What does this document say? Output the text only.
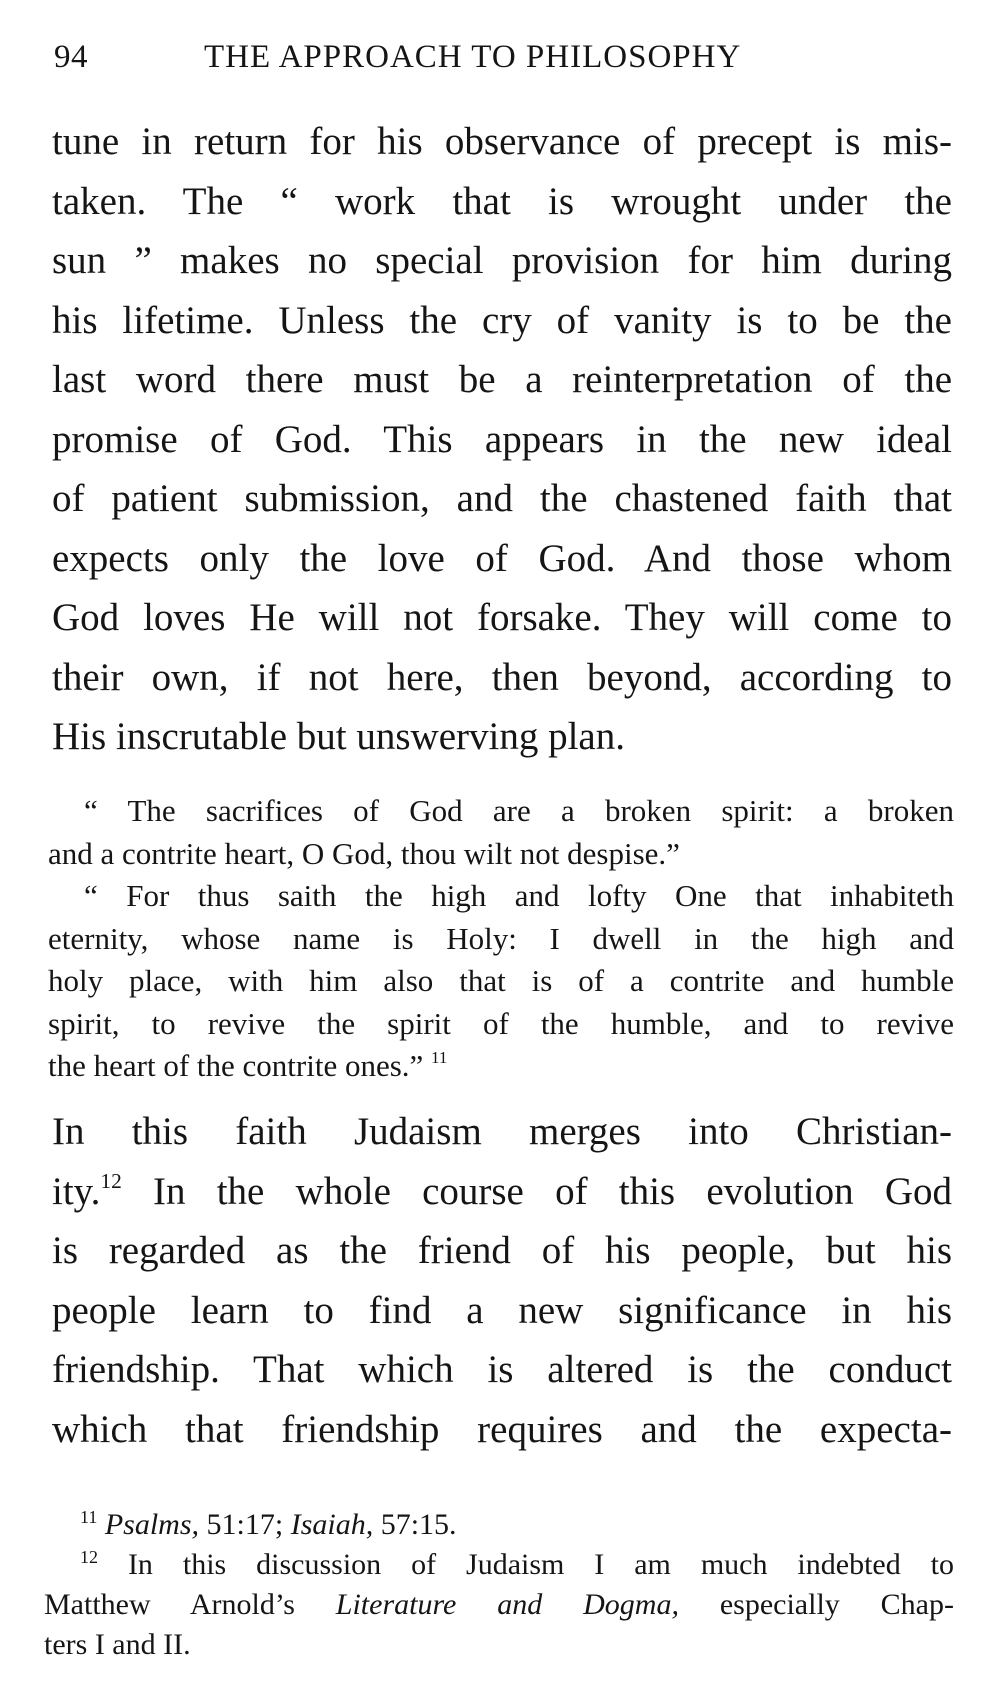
94	THE APPROACH TO PHILOSOPHY
tune in return for his observance of precept is mis-
taken. The “ work that is wrought under the
sun ” makes no special provision for him during
his lifetime. Unless the cry of vanity is to be the
last word there must be a reinterpretation of the
promise of God. This appears in the new ideal
of patient submission, and the chastened faith that
expects only the love of God. And those whom
God loves He will not forsake. They will come to
their own, if not here, then beyond, according to
His inscrutable but unswerving plan.
“ The sacrifices of God are a broken spirit: a broken
and a contrite heart, O God, thou wilt not despise.”
“ For thus saith the high and lofty One that inhabiteth
eternity, whose name is Holy: I dwell in the high and
holy place, with him also that is of a contrite and humble
spirit, to revive the spirit of the humble, and to revive
the heart of the contrite ones.” $^{11}$
In this faith Judaism merges into Christian-
ity.$^{12}$ In the whole course of this evolution God
is regarded as the friend of his people, but his
people learn to find a new significance in his
friendship. That which is altered is the conduct
which that friendship requires and the expecta-
$^{11}$ Psalms, 51:17; Isaiah, 57:15.
$^{12}$ In this discussion of Judaism I am much indebted to
Matthew Arnold’s Literature and Dogma, especially Chap-
ters I and II.
